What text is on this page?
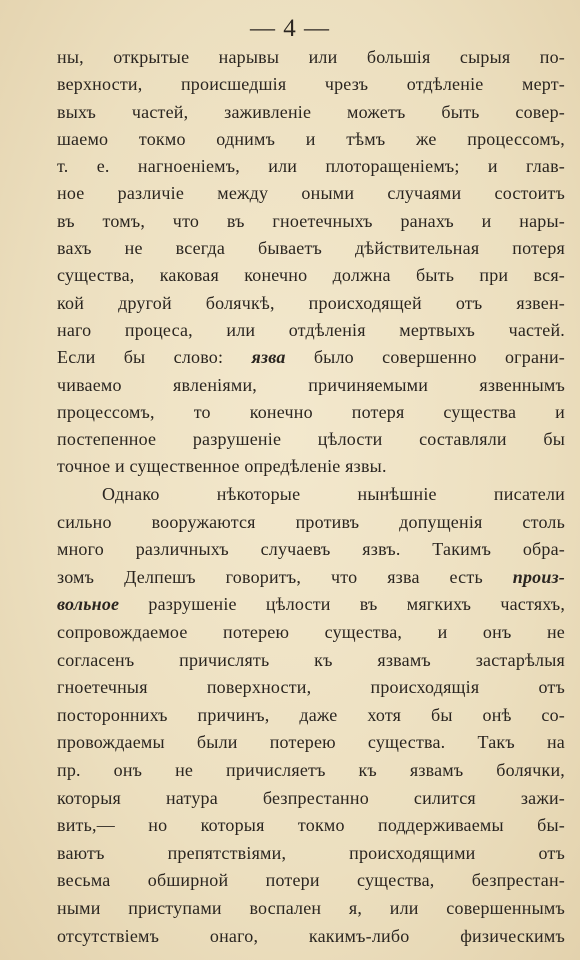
— 4 —
ны, открытые нарывы или большія сырыя по-
верхности, происшедшія чрезъ отдѣленіе мерт-
выхъ частей, заживленіе можетъ быть совер-
шаемо токмо однимъ и тѣмъ же процессомъ,
т. е. нагноеніемъ, или плоторащеніемъ; и глав-
ное различіе между оными случаями состоитъ
въ томъ, что въ гноетечныхъ ранахъ и нары-
вахъ не всегда бываетъ дѣйствительная потеря
существа, каковая конечно должна быть при вся-
кой другой болячкѣ, происходящей отъ язвен-
наго процеса, или отдѣленія мертвыхъ частей.
Если бы слово: язва было совершенно ограни-
чиваемо явленіями, причиняемыми язвеннымъ
процессомъ, то конечно потеря существа и
постепенное разрушеніе цѣлости составляли бы
точное и существенное опредѣленіе язвы.
Однако нѣкоторые нынѣшніе писатели
сильно вооружаются противъ допущенія столь
много различныхъ случаевъ язвъ. Такимъ обра-
зомъ Делпешъ говоритъ, что язва есть произ-
вольное разрушеніе цѣлости въ мягкихъ частяхъ,
сопровождаемое потерею существа, и онъ не
согласенъ причислять къ язвамъ застарѣлыя
гноетечныя поверхности, происходящія отъ
постороннихъ причинъ, даже хотя бы онѣ со-
провождаемы были потерею существа. Такъ на
пр. онъ не причисляетъ къ язвамъ болячки,
которыя натура безпрестанно силится зажи-
вить,— но которыя токмо поддерживаемы бы-
ваютъ препятствіями, происходящими отъ
весьма обширной потери существа, безпрестан-
ными приступами воспален я, или совершеннымъ
отсутствіемъ онаго, какимъ-либо физическимъ
